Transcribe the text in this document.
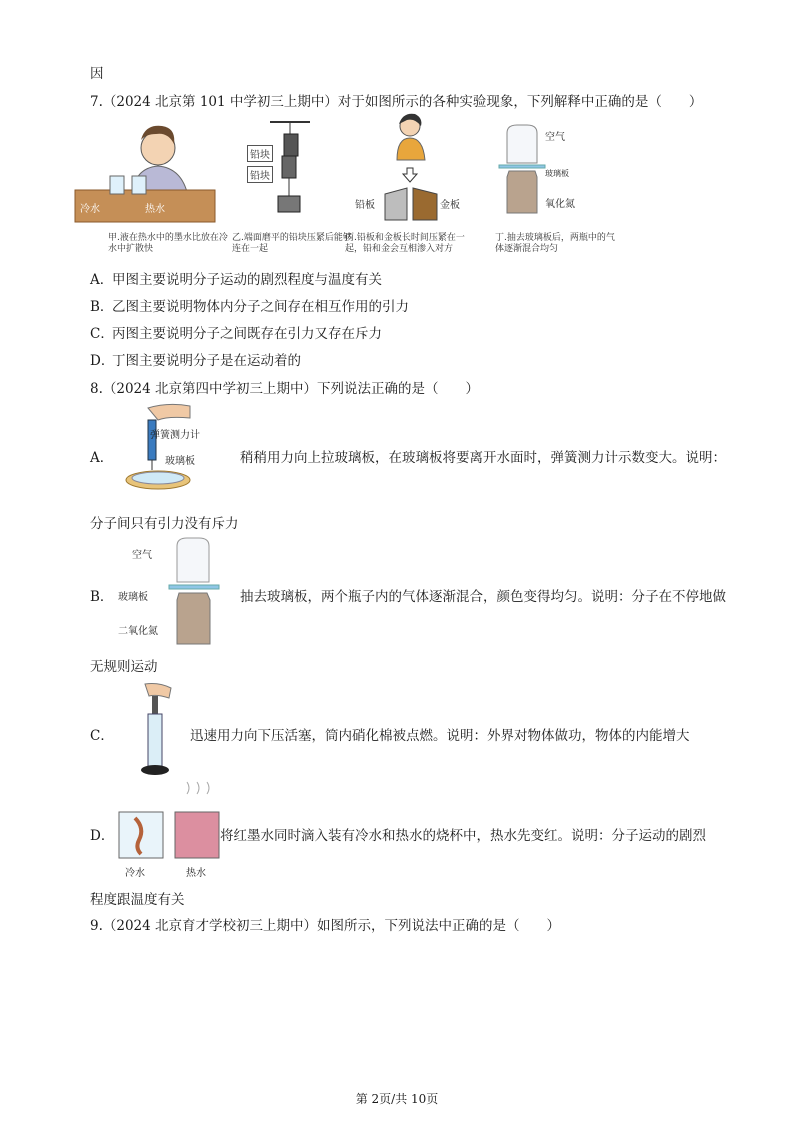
因
7.（2024 北京第 101 中学初三上期中）对于如图所示的各种实验现象，下列解释中正确的是（　　）
冷水	热水
铅块
铅块
铅板	金板
空气
玻璃板
氧化氮
甲.液在热水中的墨水比放在冷水中扩散快
乙.端面磨平的铅块压紧后能够连在一起
丙.铅板和金板长时间压紧在一起，铅和金会互相渗入对方
丁.抽去玻璃板后，两瓶中的气体逐渐混合均匀
A．甲图主要说明分子运动的剧烈程度与温度有关
B．乙图主要说明物体内分子之间存在相互作用的引力
C．丙图主要说明分子之间既存在引力又存在斥力
D．丁图主要说明分子是在运动着的
8.（2024 北京第四中学初三上期中）下列说法正确的是（　　）
A．
弹簧测力计
玻璃板	稍稍用力向上拉玻璃板，在玻璃板将要离开水面时，弹簧测力计示数变大。说明：
分子间只有引力没有斥力
B．
空气
玻璃板
二氧化氮
抽去玻璃板，两个瓶子内的气体逐渐混合，颜色变得均匀。说明：分子在不停地做
无规则运动
C．	迅速用力向下压活塞，筒内硝化棉被点燃。说明：外界对物体做功，物体的内能增大
D．
冷水	热水
将红墨水同时滴入装有冷水和热水的烧杯中，热水先变红。说明：分子运动的剧烈
程度跟温度有关
9.（2024 北京育才学校初三上期中）如图所示，下列说法中正确的是（　　）
第 2页/共 10页
